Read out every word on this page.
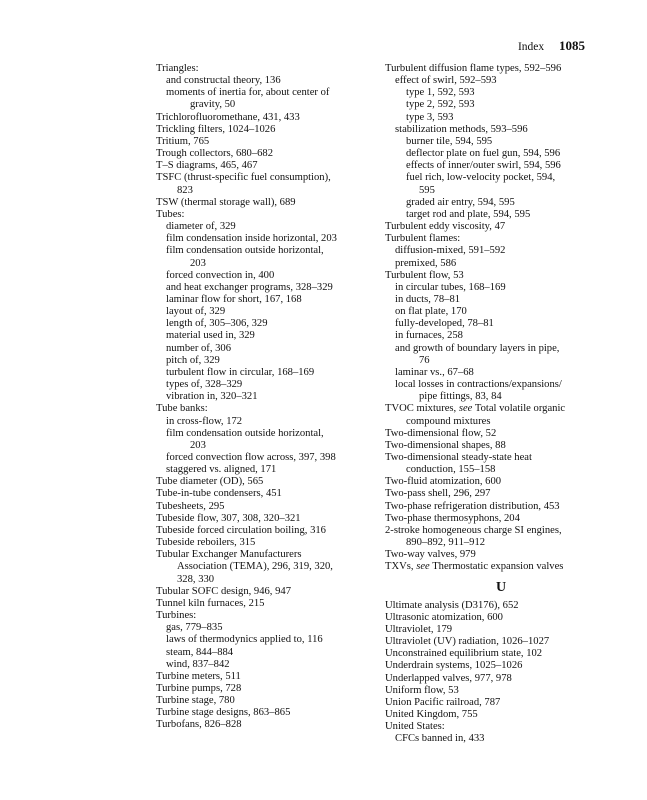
Index 1085
Triangles:
and constructal theory, 136
moments of inertia for, about center of
gravity, 50
Trichlorofluoromethane, 431, 433
Trickling filters, 1024–1026
Tritium, 765
Trough collectors, 680–682
T–S diagrams, 465, 467
TSFC (thrust-specific fuel consumption),
823
TSW (thermal storage wall), 689
Tubes:
diameter of, 329
film condensation inside horizontal, 203
film condensation outside horizontal,
203
forced convection in, 400
and heat exchanger programs, 328–329
laminar flow for short, 167, 168
layout of, 329
length of, 305–306, 329
material used in, 329
number of, 306
pitch of, 329
turbulent flow in circular, 168–169
types of, 328–329
vibration in, 320–321
Tube banks:
in cross-flow, 172
film condensation outside horizontal,
203
forced convection flow across, 397, 398
staggered vs. aligned, 171
Tube diameter (OD), 565
Tube-in-tube condensers, 451
Tubesheets, 295
Tubeside flow, 307, 308, 320–321
Tubeside forced circulation boiling, 316
Tubeside reboilers, 315
Tubular Exchanger Manufacturers
Association (TEMA), 296, 319, 320,
328, 330
Tubular SOFC design, 946, 947
Tunnel kiln furnaces, 215
Turbines:
gas, 779–835
laws of thermodynics applied to, 116
steam, 844–884
wind, 837–842
Turbine meters, 511
Turbine pumps, 728
Turbine stage, 780
Turbine stage designs, 863–865
Turbofans, 826–828
Turbulent diffusion flame types, 592–596
effect of swirl, 592–593
type 1, 592, 593
type 2, 592, 593
type 3, 593
stabilization methods, 593–596
burner tile, 594, 595
deflector plate on fuel gun, 594, 596
effects of inner/outer swirl, 594, 596
fuel rich, low-velocity pocket, 594,
595
graded air entry, 594, 595
target rod and plate, 594, 595
Turbulent eddy viscosity, 47
Turbulent flames:
diffusion-mixed, 591–592
premixed, 586
Turbulent flow, 53
in circular tubes, 168–169
in ducts, 78–81
on flat plate, 170
fully-developed, 78–81
in furnaces, 258
and growth of boundary layers in pipe,
76
laminar vs., 67–68
local losses in contractions/expansions/
pipe fittings, 83, 84
TVOC mixtures, see Total volatile organic
compound mixtures
Two-dimensional flow, 52
Two-dimensional shapes, 88
Two-dimensional steady-state heat
conduction, 155–158
Two-fluid atomization, 600
Two-pass shell, 296, 297
Two-phase refrigeration distribution, 453
Two-phase thermosyphons, 204
2-stroke homogeneous charge SI engines,
890–892, 911–912
Two-way valves, 979
TXVs, see Thermostatic expansion valves
U
Ultimate analysis (D3176), 652
Ultrasonic atomization, 600
Ultraviolet, 179
Ultraviolet (UV) radiation, 1026–1027
Unconstrained equilibrium state, 102
Underdrain systems, 1025–1026
Underlapped valves, 977, 978
Uniform flow, 53
Union Pacific railroad, 787
United Kingdom, 755
United States:
CFCs banned in, 433
